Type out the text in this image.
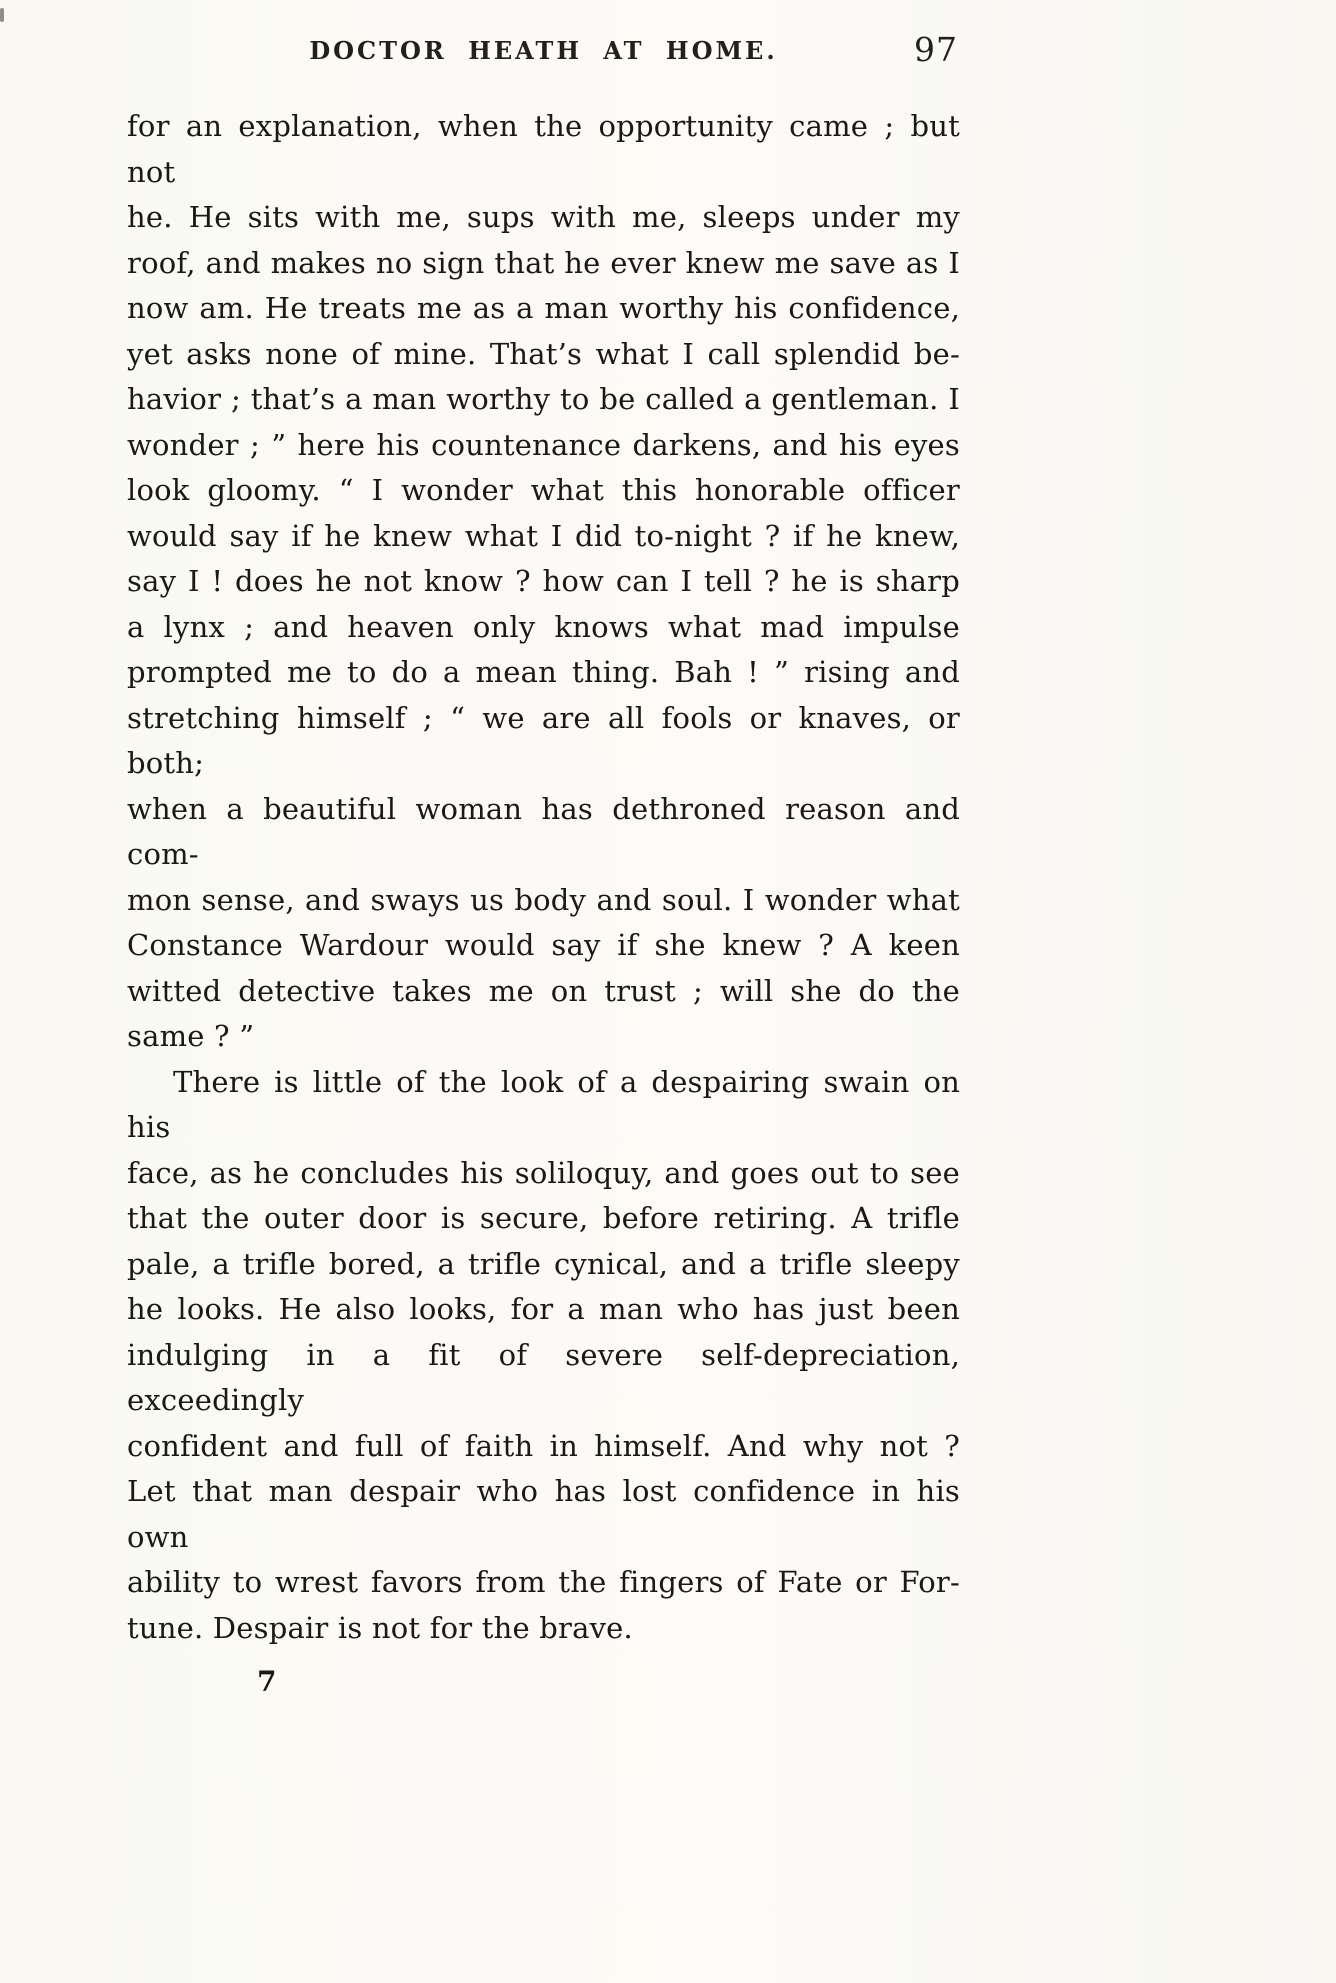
DOCTOR HEATH AT HOME.	97
for an explanation, when the opportunity came ; but not
he. He sits with me, sups with me, sleeps under my
roof, and makes no sign that he ever knew me save as I
now am. He treats me as a man worthy his confidence,
yet asks none of mine. That’s what I call splendid be-
havior ; that’s a man worthy to be called a gentleman. I
wonder ; ” here his countenance darkens, and his eyes
look gloomy. “ I wonder what this honorable officer
would say if he knew what I did to-night ? if he knew,
say I ! does he not know ? how can I tell ? he is sharp
a lynx ; and heaven only knows what mad impulse
prompted me to do a mean thing. Bah ! ” rising and
stretching himself ; “ we are all fools or knaves, or both;
when a beautiful woman has dethroned reason and com-
mon sense, and sways us body and soul. I wonder what
Constance Wardour would say if she knew ? A keen
witted detective takes me on trust ; will she do the
same ? ”
There is little of the look of a despairing swain on his
face, as he concludes his soliloquy, and goes out to see
that the outer door is secure, before retiring. A trifle
pale, a trifle bored, a trifle cynical, and a trifle sleepy
he looks. He also looks, for a man who has just been
indulging in a fit of severe self-depreciation, exceedingly
confident and full of faith in himself. And why not ?
Let that man despair who has lost confidence in his own
ability to wrest favors from the fingers of Fate or For-
tune. Despair is not for the brave.
7
